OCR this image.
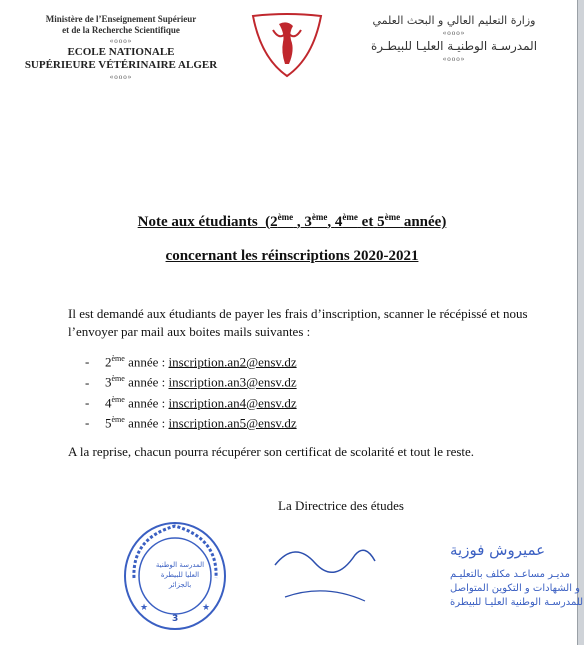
Ministère de l’Enseignement Supérieur
et de la Recherche Scientifique
«ooo»
ECOLE NATIONALE
SUPÉRIEURE VÉTÉRINAIRE ALGER
«ooo»
وزارة التعليم العالي و البحث العلمي
«ooo»
المدرسـة الوطنيـة العليـا للبيطـرة
«ooo»
Note aux étudiants (2ème , 3ème, 4ème et 5ème année)
concernant les réinscriptions 2020-2021
Il est demandé aux étudiants de payer les frais d’inscription, scanner le récépissé et nous l’envoyer par mail aux boites mails suivantes :
- 2ème année : inscription.an2@ensv.dz
- 3ème année : inscription.an3@ensv.dz
- 4ème année : inscription.an4@ensv.dz
- 5ème année : inscription.an5@ensv.dz
A la reprise, chacun pourra récupérer son certificat de scolarité et tout le reste.
La Directrice des études
★	★
المدرسة الوطنية العليا للبيطرة بالجزائر
3
عميروش فوزية
مديـر مساعـد مكلف بالتعليـم
و الشهادات و التكوين المتواصل
للمدرسـة الوطنية العليـا للبيطرة
